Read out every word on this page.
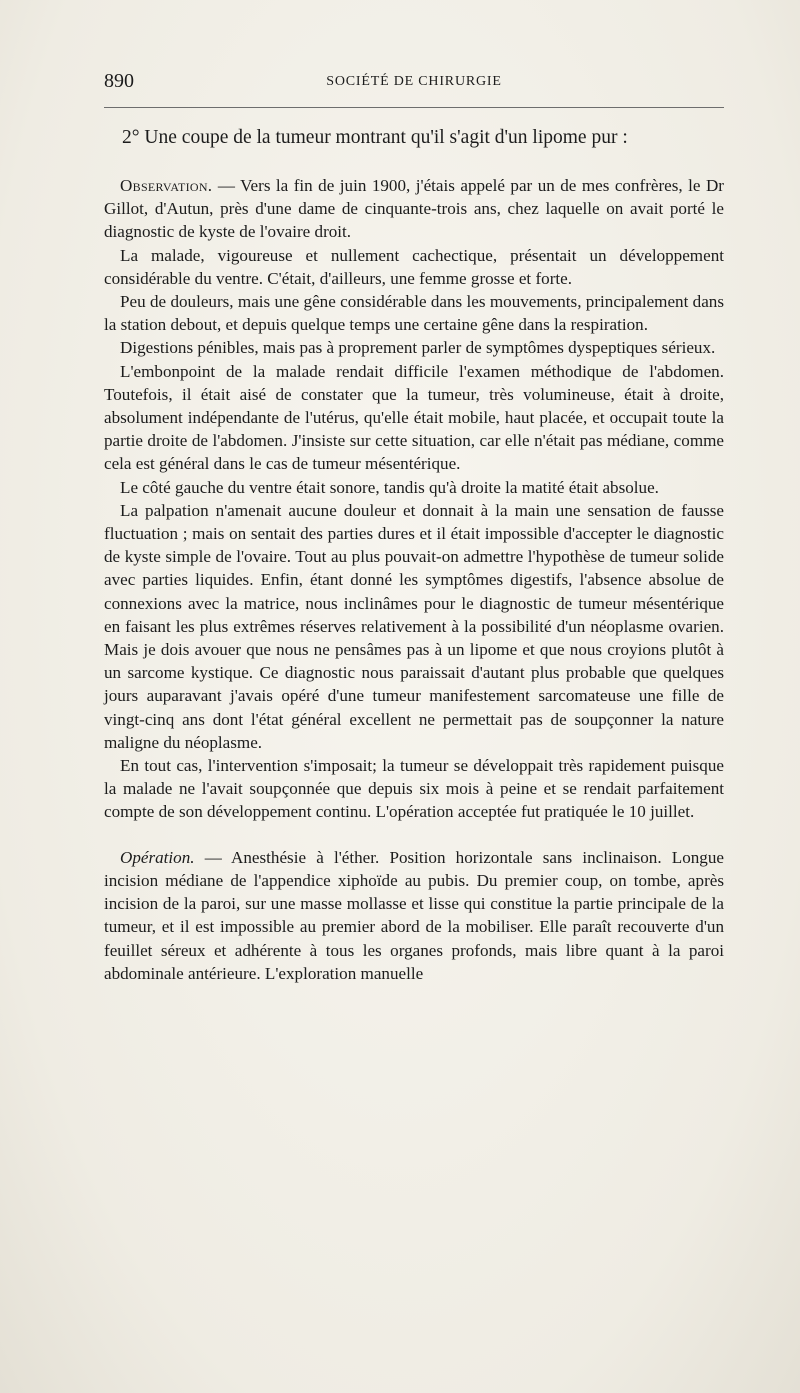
890	SOCIÉTÉ DE CHIRURGIE

2° Une coupe de la tumeur montrant qu'il s'agit d'un lipome pur :

Observation. — Vers la fin de juin 1900, j'étais appelé par un de mes confrères, le Dr Gillot, d'Autun, près d'une dame de cinquante-trois ans, chez laquelle on avait porté le diagnostic de kyste de l'ovaire droit.

La malade, vigoureuse et nullement cachectique, présentait un développement considérable du ventre. C'était, d'ailleurs, une femme grosse et forte.

Peu de douleurs, mais une gêne considérable dans les mouvements, principalement dans la station debout, et depuis quelque temps une certaine gêne dans la respiration.

Digestions pénibles, mais pas à proprement parler de symptômes dyspeptiques sérieux.

L'embonpoint de la malade rendait difficile l'examen méthodique de l'abdomen. Toutefois, il était aisé de constater que la tumeur, très volumineuse, était à droite, absolument indépendante de l'utérus, qu'elle était mobile, haut placée, et occupait toute la partie droite de l'abdomen. J'insiste sur cette situation, car elle n'était pas médiane, comme cela est général dans le cas de tumeur mésentérique.

Le côté gauche du ventre était sonore, tandis qu'à droite la matité était absolue.

La palpation n'amenait aucune douleur et donnait à la main une sensation de fausse fluctuation ; mais on sentait des parties dures et il était impossible d'accepter le diagnostic de kyste simple de l'ovaire. Tout au plus pouvait-on admettre l'hypothèse de tumeur solide avec parties liquides. Enfin, étant donné les symptômes digestifs, l'absence absolue de connexions avec la matrice, nous inclinâmes pour le diagnostic de tumeur mésentérique en faisant les plus extrêmes réserves relativement à la possibilité d'un néoplasme ovarien. Mais je dois avouer que nous ne pensâmes pas à un lipome et que nous croyions plutôt à un sarcome kystique. Ce diagnostic nous paraissait d'autant plus probable que quelques jours auparavant j'avais opéré d'une tumeur manifestement sarcomateuse une fille de vingt-cinq ans dont l'état général excellent ne permettait pas de soupçonner la nature maligne du néoplasme.

En tout cas, l'intervention s'imposait; la tumeur se développait très rapidement puisque la malade ne l'avait soupçonnée que depuis six mois à peine et se rendait parfaitement compte de son développement continu. L'opération acceptée fut pratiquée le 10 juillet.

Opération. — Anesthésie à l'éther. Position horizontale sans inclinaison. Longue incision médiane de l'appendice xiphoïde au pubis. Du premier coup, on tombe, après incision de la paroi, sur une masse mollasse et lisse qui constitue la partie principale de la tumeur, et il est impossible au premier abord de la mobiliser. Elle paraît recouverte d'un feuillet séreux et adhérente à tous les organes profonds, mais libre quant à la paroi abdominale antérieure. L'exploration manuelle
